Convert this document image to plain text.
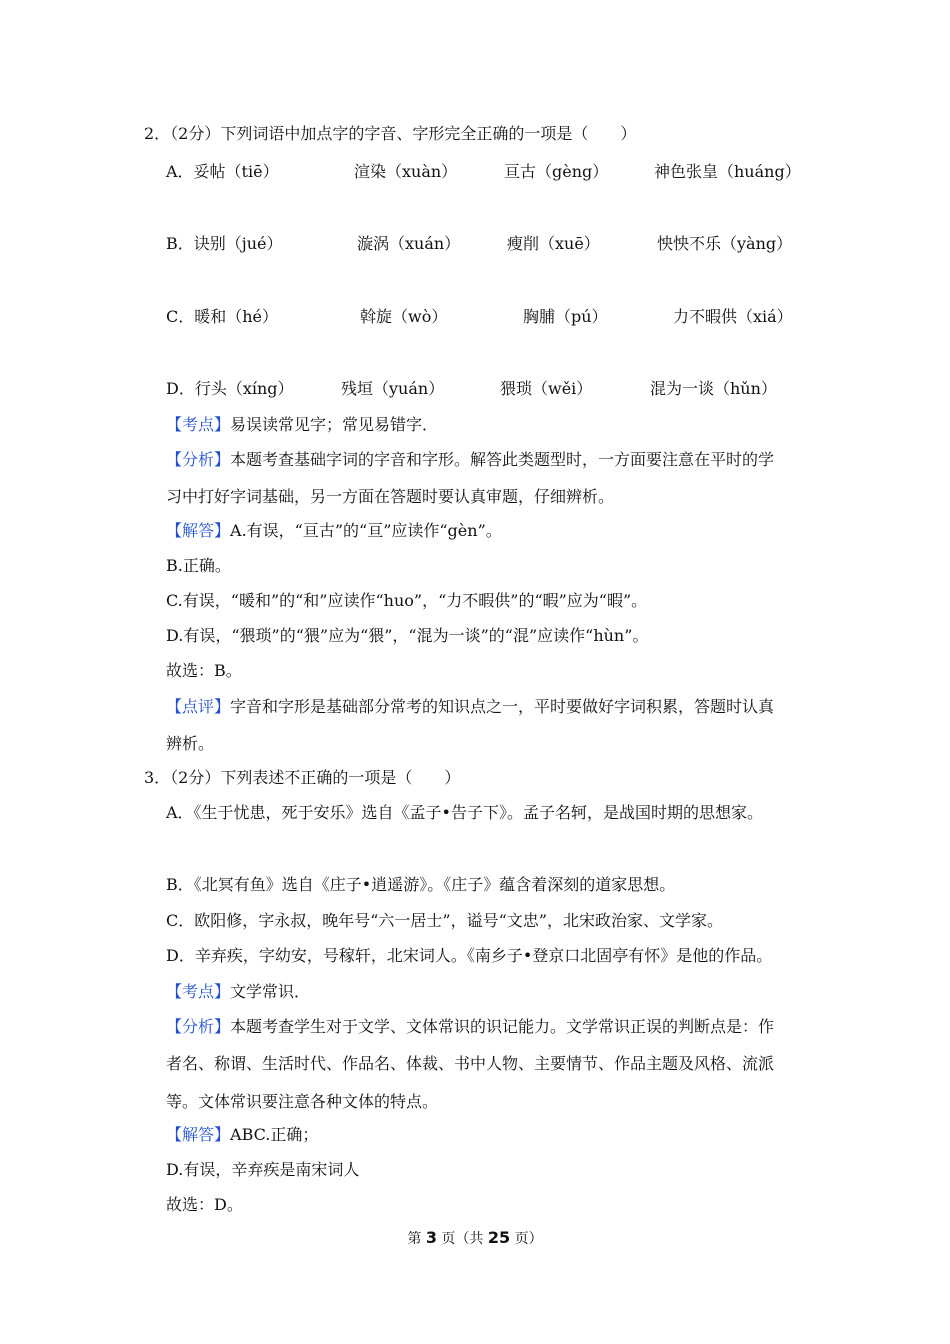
2．（2分）下列词语中加点字的字音、字形完全正确的一项是（　　）
A．妥帖（tiē）	渲染（xuàn）	亘古（gèng）	神色张皇（huáng）
B．诀别（jué）	漩涡（xuán）	瘦削（xuē）	怏怏不乐（yàng）
C．暖和（hé）	斡旋（wò）	胸脯（pú）	力不暇供（xiá）
D．行头（xíng）	残垣（yuán）	猥琐（wěi）	混为一谈（hǔn）
【考点】易误读常见字；常见易错字．
【分析】本题考查基础字词的字音和字形。解答此类题型时，一方面要注意在平时的学
习中打好字词基础，另一方面在答题时要认真审题，仔细辨析。
【解答】A.有误，“亘古”的“亘”应读作“gèn”。
B.正确。
C.有误，“暖和”的“和”应读作“huo”，“力不暇供”的“暇”应为“暇”。
D.有误，“猥琐”的“猥”应为“猥”，“混为一谈”的“混”应读作“hùn”。
故选：B。
【点评】字音和字形是基础部分常考的知识点之一，平时要做好字词积累，答题时认真
辨析。
3．（2分）下列表述不正确的一项是（　　）
A．《生于忧患，死于安乐》选自《孟子•告子下》。孟子名轲，是战国时期的思想家。
B．《北冥有鱼》选自《庄子•逍遥游》。《庄子》蕴含着深刻的道家思想。
C．欧阳修，字永叔，晚年号“六一居士”，谥号“文忠”，北宋政治家、文学家。
D．辛弃疾，字幼安，号稼轩，北宋词人。《南乡子•登京口北固亭有怀》是他的作品。
【考点】文学常识．
【分析】本题考查学生对于文学、文体常识的识记能力。文学常识正误的判断点是：作
者名、称谓、生活时代、作品名、体裁、书中人物、主要情节、作品主题及风格、流派
等。文体常识要注意各种文体的特点。
【解答】ABC.正确；
D.有误，辛弃疾是南宋词人
故选：D。
第 3 页（共 25 页）
